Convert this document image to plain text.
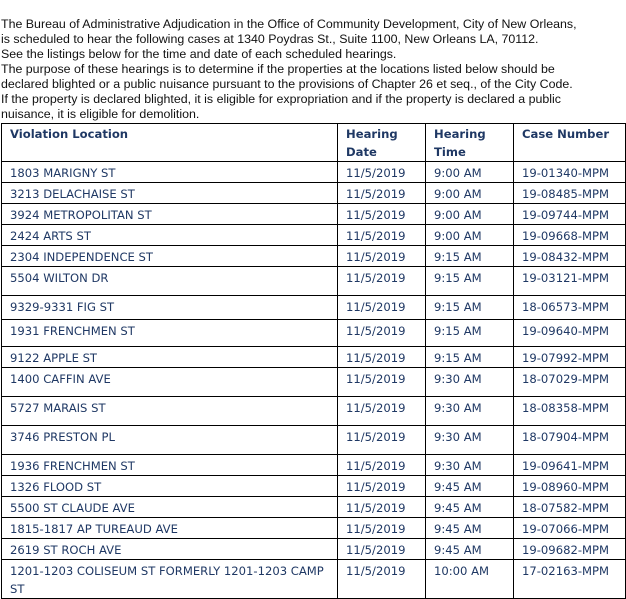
The Bureau of Administrative Adjudication in the Office of Community Development, City of New Orleans,

is scheduled to hear the following cases at 1340 Poydras St., Suite 1100, New Orleans LA, 70112.

See the listings below for the time and date of each scheduled hearings.

The purpose of these hearings is to determine if the properties at the locations listed below should be

declared blighted or a public nuisance pursuant to the provisions of Chapter 26 et seq., of the City Code.

If the property is declared blighted, it is eligible for expropriation and if the property is declared a public

nuisance, it is eligible for demolition.

Violation Location	Hearing Date	Hearing Time	Case Number
1803 MARIGNY ST	11/5/2019	9:00 AM	19-01340-MPM
3213 DELACHAISE ST	11/5/2019	9:00 AM	19-08485-MPM
3924 METROPOLITAN ST	11/5/2019	9:00 AM	19-09744-MPM
2424 ARTS ST	11/5/2019	9:00 AM	19-09668-MPM
2304 INDEPENDENCE ST	11/5/2019	9:15 AM	19-08432-MPM
5504 WILTON DR	11/5/2019	9:15 AM	19-03121-MPM
9329-9331 FIG ST	11/5/2019	9:15 AM	18-06573-MPM
1931 FRENCHMEN ST	11/5/2019	9:15 AM	19-09640-MPM
9122 APPLE ST	11/5/2019	9:15 AM	19-07992-MPM
1400 CAFFIN AVE	11/5/2019	9:30 AM	18-07029-MPM
5727 MARAIS ST	11/5/2019	9:30 AM	18-08358-MPM
3746 PRESTON PL	11/5/2019	9:30 AM	18-07904-MPM
1936 FRENCHMEN ST	11/5/2019	9:30 AM	19-09641-MPM
1326 FLOOD ST	11/5/2019	9:45 AM	19-08960-MPM
5500 ST CLAUDE AVE	11/5/2019	9:45 AM	18-07582-MPM
1815-1817 AP TUREAUD AVE	11/5/2019	9:45 AM	19-07066-MPM
2619 ST ROCH AVE	11/5/2019	9:45 AM	19-09682-MPM
1201-1203 COLISEUM ST FORMERLY 1201-1203 CAMP ST	11/5/2019	10:00 AM	17-02163-MPM
